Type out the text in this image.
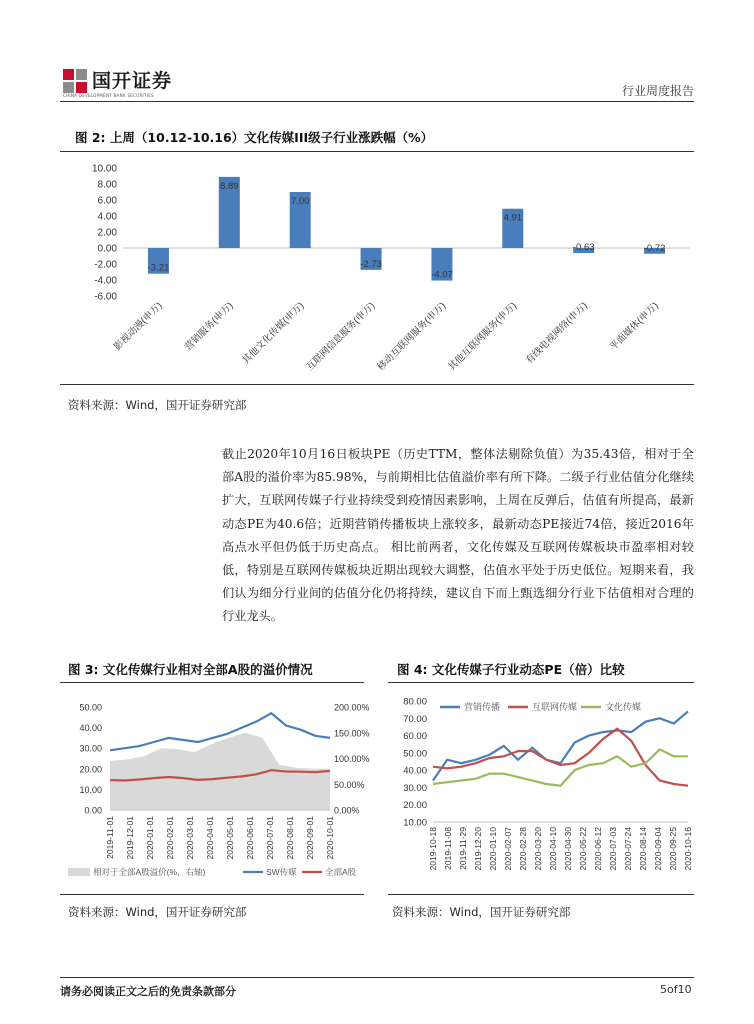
国开证券
CHINA DEVELOPMENT BANK SECURITIES	行业周度报告
图 2: 上周（10.12-10.16）文化传媒III级子行业涨跌幅（%）
10.00
8.00
6.00
4.00
2.00
0.00
-2.00
-4.00
-6.00
-3.21
影视动漫(申万)
8.89
营销服务(申万)
7.00
其他文化传媒(申万)
-2.73
互联网信息服务(申万)
-4.07
移动互联网服务(申万)
4.91
其他互联网服务(申万)
-0.63
有线电视网络(申万)
-0.72
平面媒体(申万)
资料来源：Wind，国开证券研究部
截止2020年10月16日板块PE（历史TTM，整体法剔除负值）为35.43倍，相对于全部A股的溢价率为85.98%，与前期相比估值溢价率有所下降。二级子行业估值分化继续扩大，互联网传媒子行业持续受到疫情因素影响，上周在反弹后，估值有所提高，最新动态PE为40.6倍；近期营销传播板块上涨较多，最新动态PE接近74倍，接近2016年高点水平但仍低于历史高点。 相比前两者，文化传媒及互联网传媒板块市盈率相对较低，特别是互联网传媒板块近期出现较大调整，估值水平处于历史低位。短期来看，我们认为细分行业间的估值分化仍将持续，建议自下而上甄选细分行业下估值相对合理的行业龙头。
图 3: 文化传媒行业相对全部A股的溢价情况
50.00
40.00
30.00
20.00
10.00
0.00
200.00%
150.00%
100.00%
50.00%
0.00%
2019-11-01 2019-12-01 2020-01-01 2020-02-01 2020-03-01 2020-04-01 2020-05-01 2020-06-01 2020-07-01 2020-08-01 2020-09-01 2020-10-01
相对于全部A股溢价(%，右轴)	SW传媒	全部A股
资料来源：Wind，国开证券研究部
图 4: 文化传媒子行业动态PE（倍）比较
80.00
70.00
60.00
50.00
40.00
30.00
20.00
10.00
2019-10-18 2019-11-08 2019-11-29 2019-12-20 2020-01-10 2020-02-07 2020-02-28 2020-03-20 2020-04-10 2020-04-30 2020-05-22 2020-06-12 2020-07-03 2020-07-24 2020-08-14 2020-09-04 2020-09-25 2020-10-16
营销传播	互联网传媒	文化传媒
资料来源：Wind，国开证券研究部
请务必阅读正文之后的免责条款部分	5of10
